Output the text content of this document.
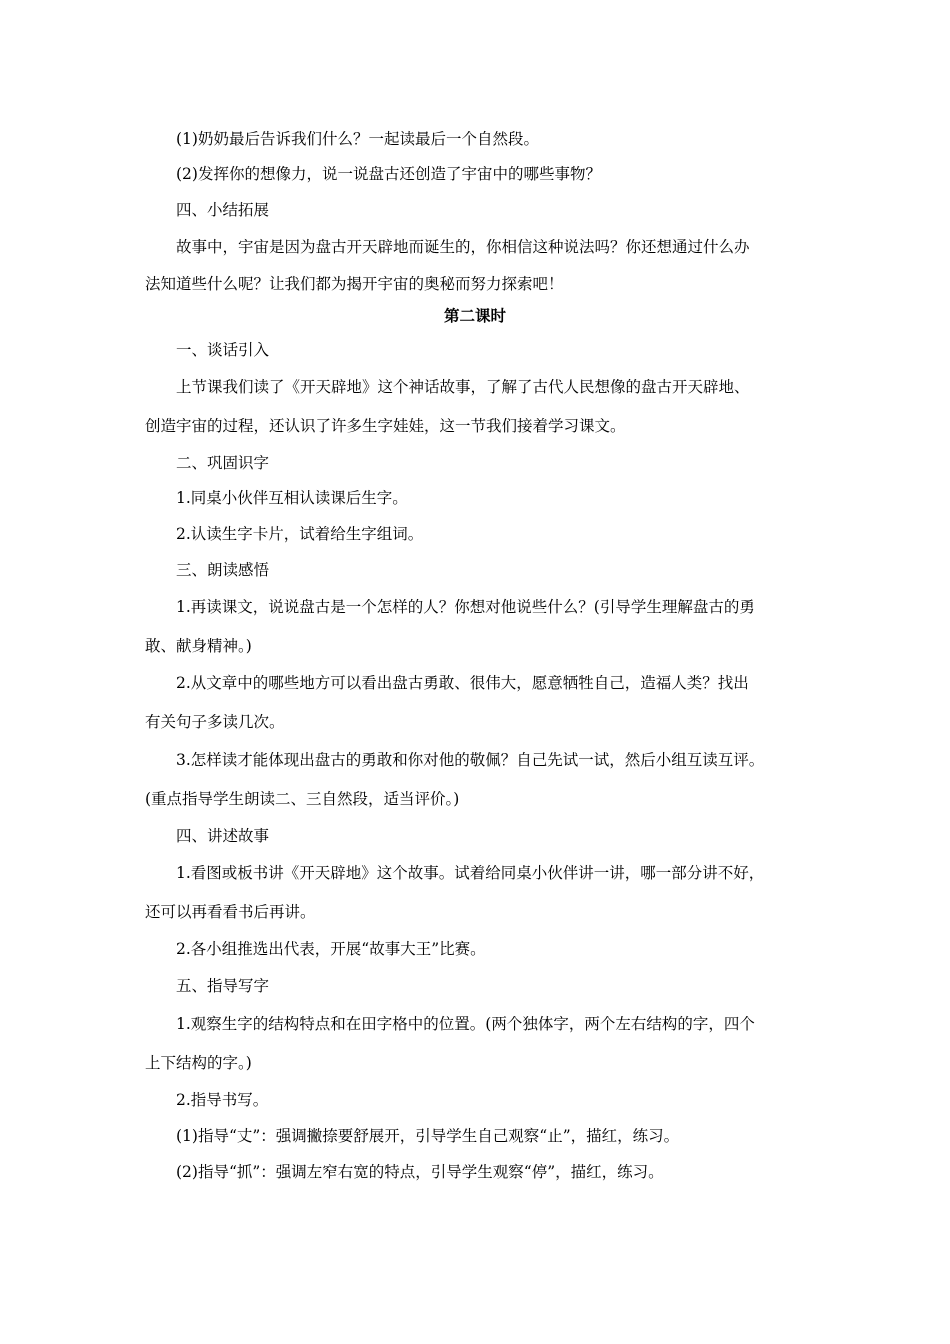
(1)奶奶最后告诉我们什么？一起读最后一个自然段。

(2)发挥你的想像力，说一说盘古还创造了宇宙中的哪些事物？

四、小结拓展

故事中，宇宙是因为盘古开天辟地而诞生的，你相信这种说法吗？你还想通过什么办

法知道些什么呢？让我们都为揭开宇宙的奥秘而努力探索吧！

第二课时

一、谈话引入

上节课我们读了《开天辟地》这个神话故事，了解了古代人民想像的盘古开天辟地、

创造宇宙的过程，还认识了许多生字娃娃，这一节我们接着学习课文。

二、巩固识字

1.同桌小伙伴互相认读课后生字。

2.认读生字卡片，试着给生字组词。

三、朗读感悟

1.再读课文，说说盘古是一个怎样的人？你想对他说些什么？(引导学生理解盘古的勇

敢、献身精神。)

2.从文章中的哪些地方可以看出盘古勇敢、很伟大，愿意牺牲自己，造福人类？找出

有关句子多读几次。

3.怎样读才能体现出盘古的勇敢和你对他的敬佩？自己先试一试，然后小组互读互评。

(重点指导学生朗读二、三自然段，适当评价。)

四、讲述故事

1.看图或板书讲《开天辟地》这个故事。试着给同桌小伙伴讲一讲，哪一部分讲不好，

还可以再看看书后再讲。

2.各小组推选出代表，开展“故事大王”比赛。

五、指导写字

1.观察生字的结构特点和在田字格中的位置。(两个独体字，两个左右结构的字，四个

上下结构的字。)

2.指导书写。

(1)指导“丈”：强调撇捺要舒展开，引导学生自己观察“止”，描红，练习。

(2)指导“抓”：强调左窄右宽的特点，引导学生观察“停”，描红，练习。
